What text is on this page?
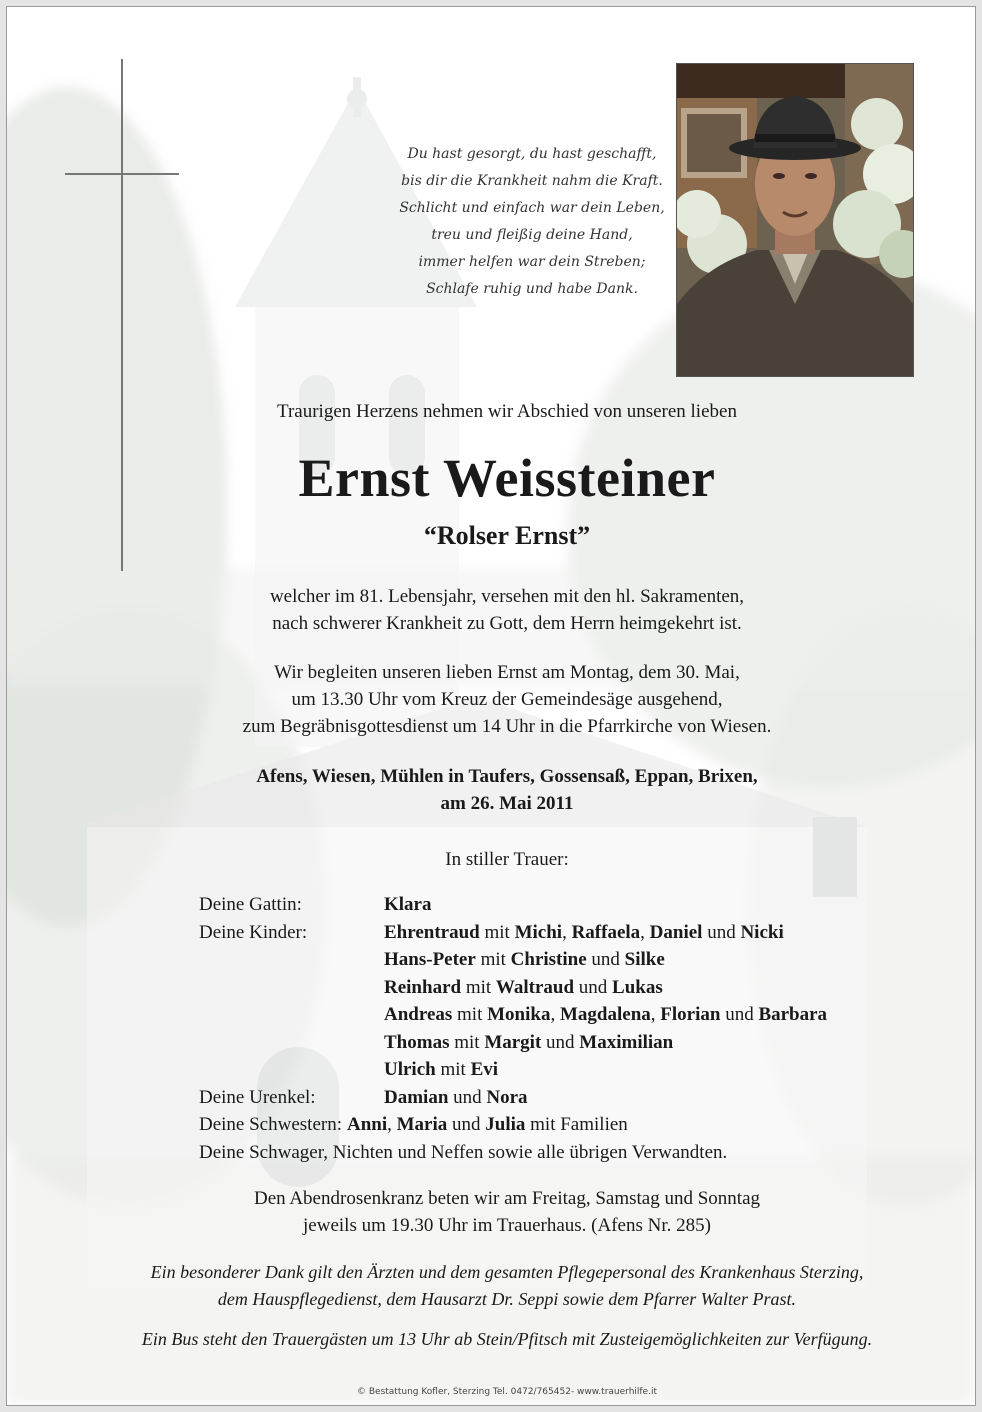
Du hast gesorgt, du hast geschafft,
bis dir die Krankheit nahm die Kraft.
Schlicht und einfach war dein Leben,
treu und fleißig deine Hand,
immer helfen war dein Streben;
Schlafe ruhig und habe Dank.
Traurigen Herzens nehmen wir Abschied von unseren lieben
Ernst Weissteiner
“Rolser Ernst”
welcher im 81. Lebensjahr, versehen mit den hl. Sakramenten,
nach schwerer Krankheit zu Gott, dem Herrn heimgekehrt ist.
Wir begleiten unseren lieben Ernst am Montag, dem 30. Mai,
um 13.30 Uhr vom Kreuz der Gemeindesäge ausgehend,
zum Begräbnisgottesdienst um 14 Uhr in die Pfarrkirche von Wiesen.
Afens, Wiesen, Mühlen in Taufers, Gossensaß, Eppan, Brixen,
am 26. Mai 2011
In stiller Trauer:
Deine Gattin:	Klara
Deine Kinder:	Ehrentraud mit Michi, Raffaela, Daniel und Nicki
Hans-Peter mit Christine und Silke
Reinhard mit Waltraud und Lukas
Andreas mit Monika, Magdalena, Florian und Barbara
Thomas mit Margit und Maximilian
Ulrich mit Evi
Deine Urenkel:	Damian und Nora
Deine Schwestern: Anni, Maria und Julia mit Familien
Deine Schwager, Nichten und Neffen sowie alle übrigen Verwandten.
Den Abendrosenkranz beten wir am Freitag, Samstag und Sonntag
jeweils um 19.30 Uhr im Trauerhaus. (Afens Nr. 285)
Ein besonderer Dank gilt den Ärzten und dem gesamten Pflegepersonal des Krankenhaus Sterzing,
dem Hauspflegedienst, dem Hausarzt Dr. Seppi sowie dem Pfarrer Walter Prast.
Ein Bus steht den Trauergästen um 13 Uhr ab Stein/Pfitsch mit Zusteigemöglichkeiten zur Verfügung.
© Bestattung Kofler, Sterzing Tel. 0472/765452- www.trauerhilfe.it
